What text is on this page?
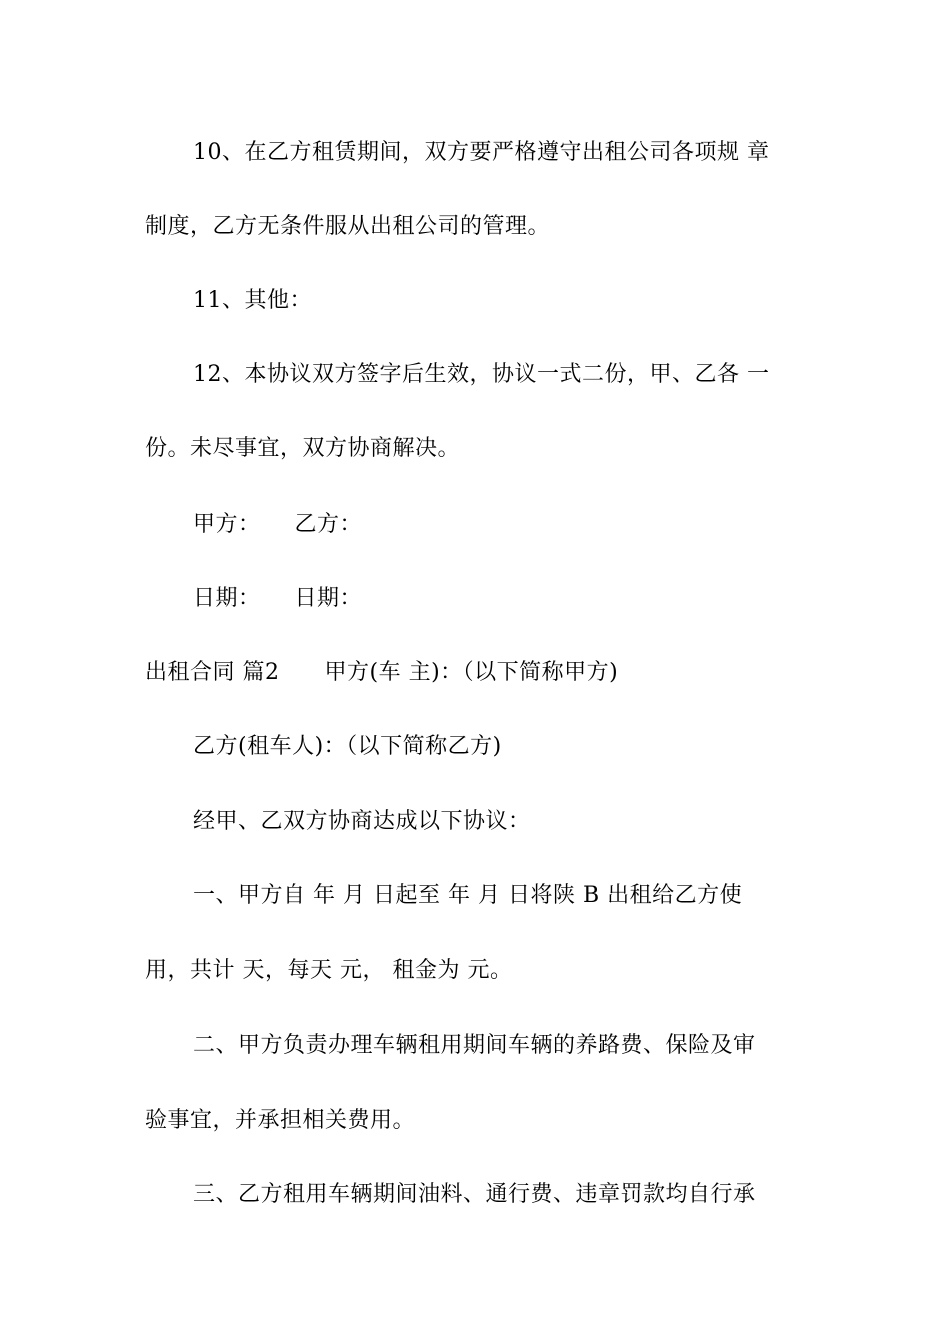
10、在乙方租赁期间，双方要严格遵守出租公司各项规 章
制度，乙方无条件服从出租公司的管理。
11、其他：
12、本协议双方签字后生效，协议一式二份，甲、乙各 一
份。未尽事宜，双方协商解决。
甲方：　　乙方：
日期：　　日期：
出租合同 篇2　　甲方(车 主)：（以下简称甲方)
乙方(租车人)：（以下简称乙方)
经甲、乙双方协商达成以下协议：
一、甲方自 年 月 日起至 年 月 日将陕 B 出租给乙方使
用，共计 天，每天 元， 租金为 元。
二、甲方负责办理车辆租用期间车辆的养路费、保险及审
验事宜，并承担相关费用。
三、乙方租用车辆期间油料、通行费、违章罚款均自行承
